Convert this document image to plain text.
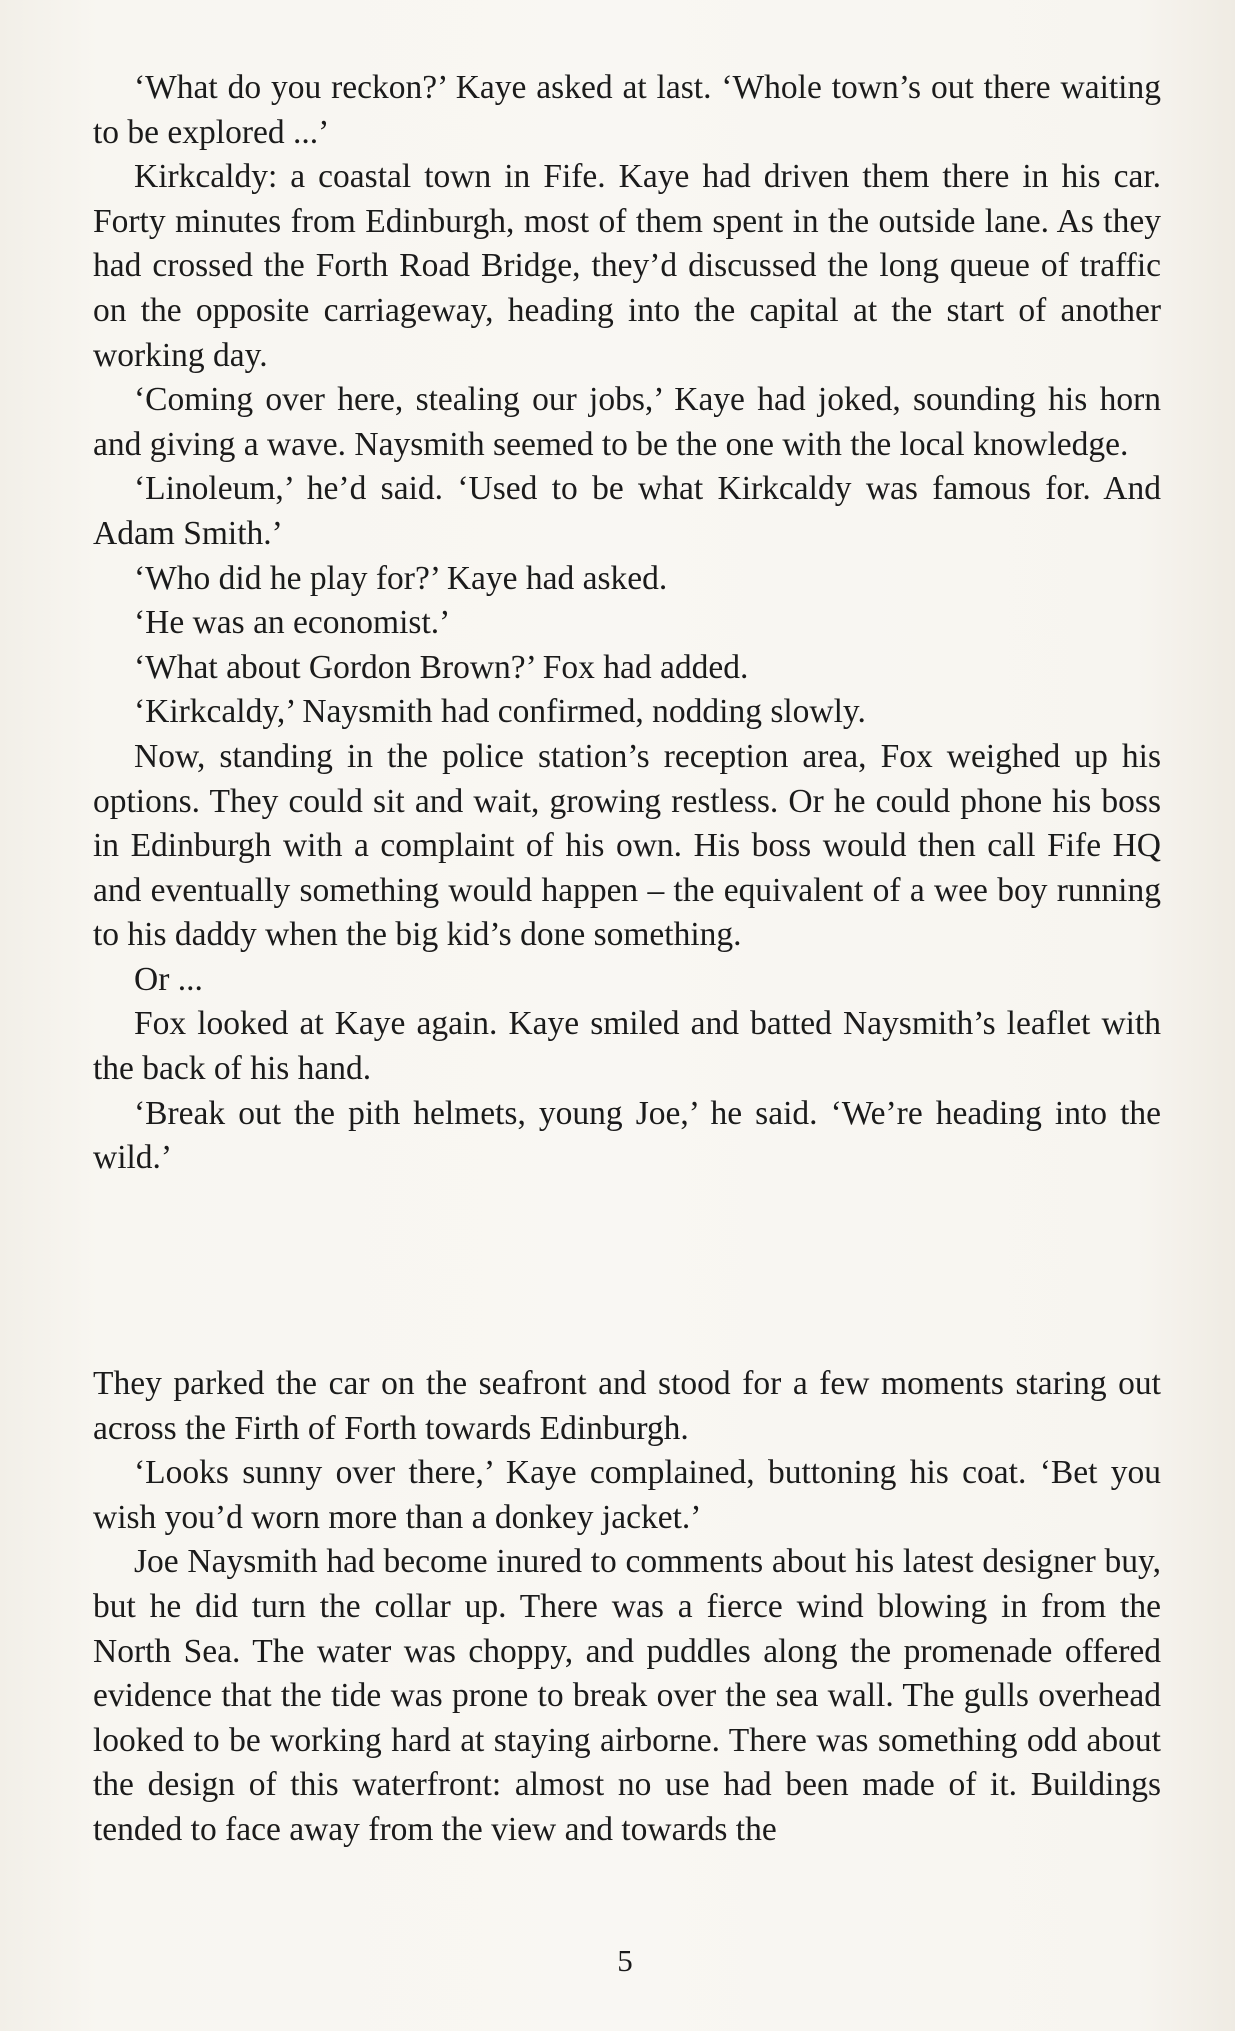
‘What do you reckon?’ Kaye asked at last. ‘Whole town’s out there waiting to be explored ...’

Kirkcaldy: a coastal town in Fife. Kaye had driven them there in his car. Forty minutes from Edinburgh, most of them spent in the outside lane. As they had crossed the Forth Road Bridge, they’d discussed the long queue of traffic on the opposite carriageway, heading into the capital at the start of another working day.

‘Coming over here, stealing our jobs,’ Kaye had joked, sounding his horn and giving a wave. Naysmith seemed to be the one with the local knowledge.

‘Linoleum,’ he’d said. ‘Used to be what Kirkcaldy was famous for. And Adam Smith.’

‘Who did he play for?’ Kaye had asked.

‘He was an economist.’

‘What about Gordon Brown?’ Fox had added.

‘Kirkcaldy,’ Naysmith had confirmed, nodding slowly.

Now, standing in the police station’s reception area, Fox weighed up his options. They could sit and wait, growing restless. Or he could phone his boss in Edinburgh with a complaint of his own. His boss would then call Fife HQ and eventually something would happen – the equivalent of a wee boy running to his daddy when the big kid’s done something.

Or ...

Fox looked at Kaye again. Kaye smiled and batted Naysmith’s leaflet with the back of his hand.

‘Break out the pith helmets, young Joe,’ he said. ‘We’re heading into the wild.’

They parked the car on the seafront and stood for a few moments staring out across the Firth of Forth towards Edinburgh.

‘Looks sunny over there,’ Kaye complained, buttoning his coat. ‘Bet you wish you’d worn more than a donkey jacket.’

Joe Naysmith had become inured to comments about his latest designer buy, but he did turn the collar up. There was a fierce wind blowing in from the North Sea. The water was choppy, and puddles along the promenade offered evidence that the tide was prone to break over the sea wall. The gulls overhead looked to be working hard at staying airborne. There was something odd about the design of this waterfront: almost no use had been made of it. Buildings tended to face away from the view and towards the

5
